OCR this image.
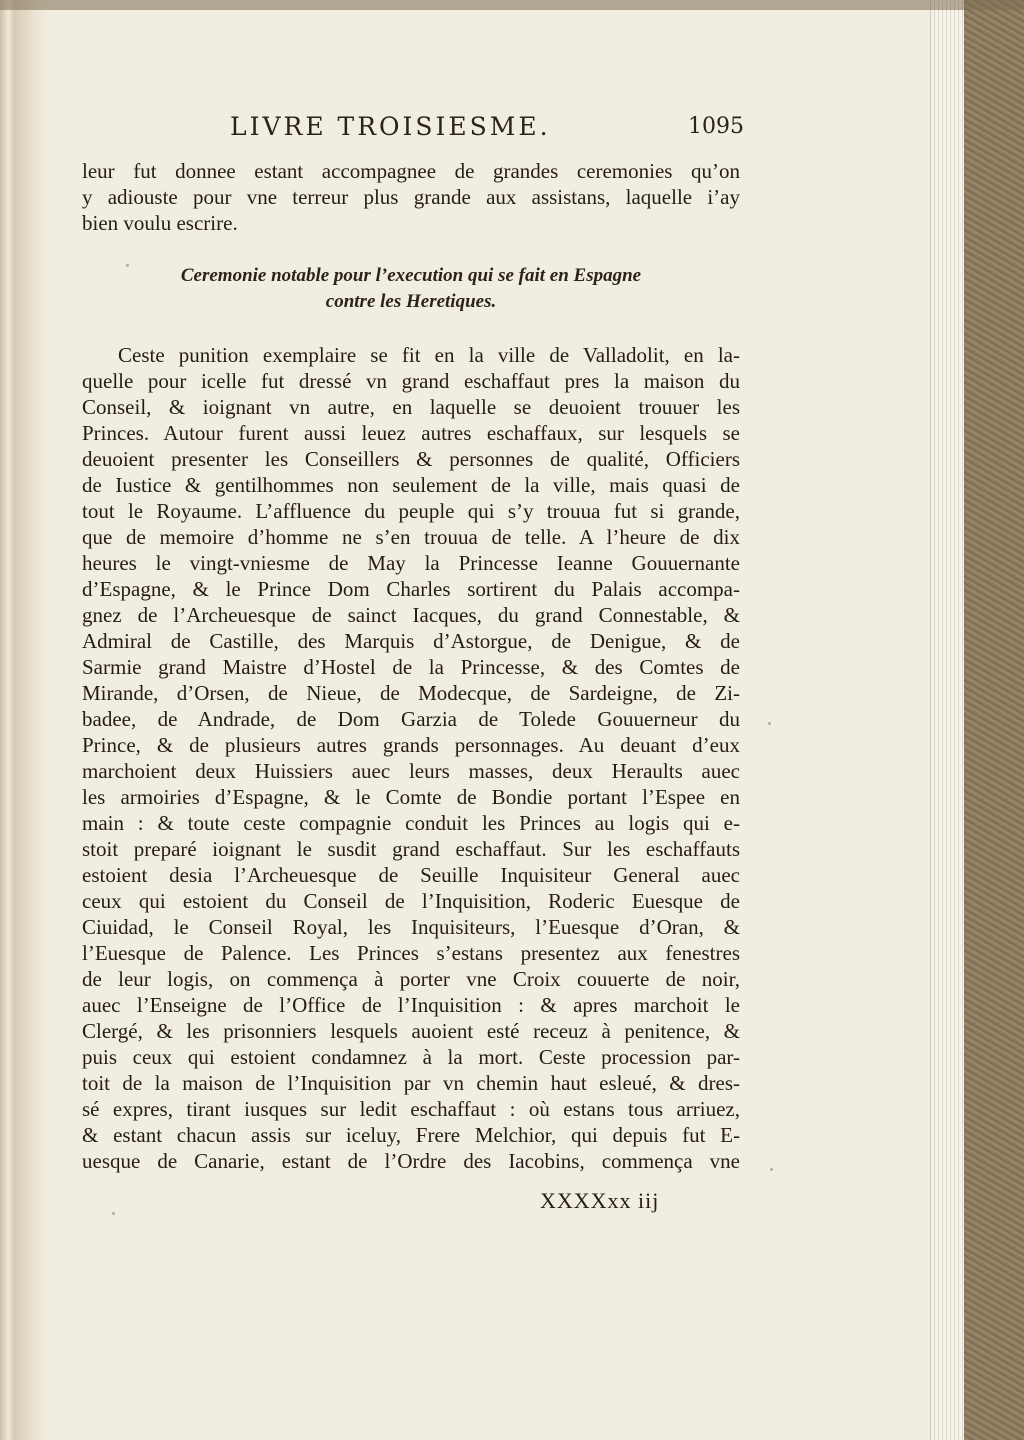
LIVRE TROISIESME.	1095
leur fut donnee estant accompagnee de grandes ceremonies qu’on
y adiouste pour vne terreur plus grande aux assistans, laquelle i’ay
bien voulu escrire.
Ceremonie notable pour l’execution qui se fait en Espagne
contre les Heretiques.
Ceste punition exemplaire se fit en la ville de Valladolit, en la-
quelle pour icelle fut dressé vn grand eschaffaut pres la maison du
Conseil, & ioignant vn autre, en laquelle se deuoient trouuer les
Princes. Autour furent aussi leuez autres eschaffaux, sur lesquels se
deuoient presenter les Conseillers & personnes de qualité, Officiers
de Iustice & gentilhommes non seulement de la ville, mais quasi de
tout le Royaume. L’affluence du peuple qui s’y trouua fut si grande,
que de memoire d’homme ne s’en trouua de telle. A l’heure de dix
heures le vingt-vniesme de May la Princesse Ieanne Gouuernante
d’Espagne, & le Prince Dom Charles sortirent du Palais accompa-
gnez de l’Archeuesque de sainct Iacques, du grand Connestable, &
Admiral de Castille, des Marquis d’Astorgue, de Denigue, & de
Sarmie grand Maistre d’Hostel de la Princesse, & des Comtes de
Mirande, d’Orsen, de Nieue, de Modecque, de Sardeigne, de Zi-
badee, de Andrade, de Dom Garzia de Tolede Gouuerneur du
Prince, & de plusieurs autres grands personnages. Au deuant d’eux
marchoient deux Huissiers auec leurs masses, deux Heraults auec
les armoiries d’Espagne, & le Comte de Bondie portant l’Espee en
main : & toute ceste compagnie conduit les Princes au logis qui e-
stoit preparé ioignant le susdit grand eschaffaut. Sur les eschaffauts
estoient desia l’Archeuesque de Seuille Inquisiteur General auec
ceux qui estoient du Conseil de l’Inquisition, Roderic Euesque de
Ciuidad, le Conseil Royal, les Inquisiteurs, l’Euesque d’Oran, &
l’Euesque de Palence. Les Princes s’estans presentez aux fenestres
de leur logis, on commença à porter vne Croix couuerte de noir,
auec l’Enseigne de l’Office de l’Inquisition : & apres marchoit le
Clergé, & les prisonniers lesquels auoient esté receuz à penitence, &
puis ceux qui estoient condamnez à la mort. Ceste procession par-
toit de la maison de l’Inquisition par vn chemin haut esleué, & dres-
sé expres, tirant iusques sur ledit eschaffaut : où estans tous arriuez,
& estant chacun assis sur iceluy, Frere Melchior, qui depuis fut E-
uesque de Canarie, estant de l’Ordre des Iacobins, commença vne
XXXXxx iij
